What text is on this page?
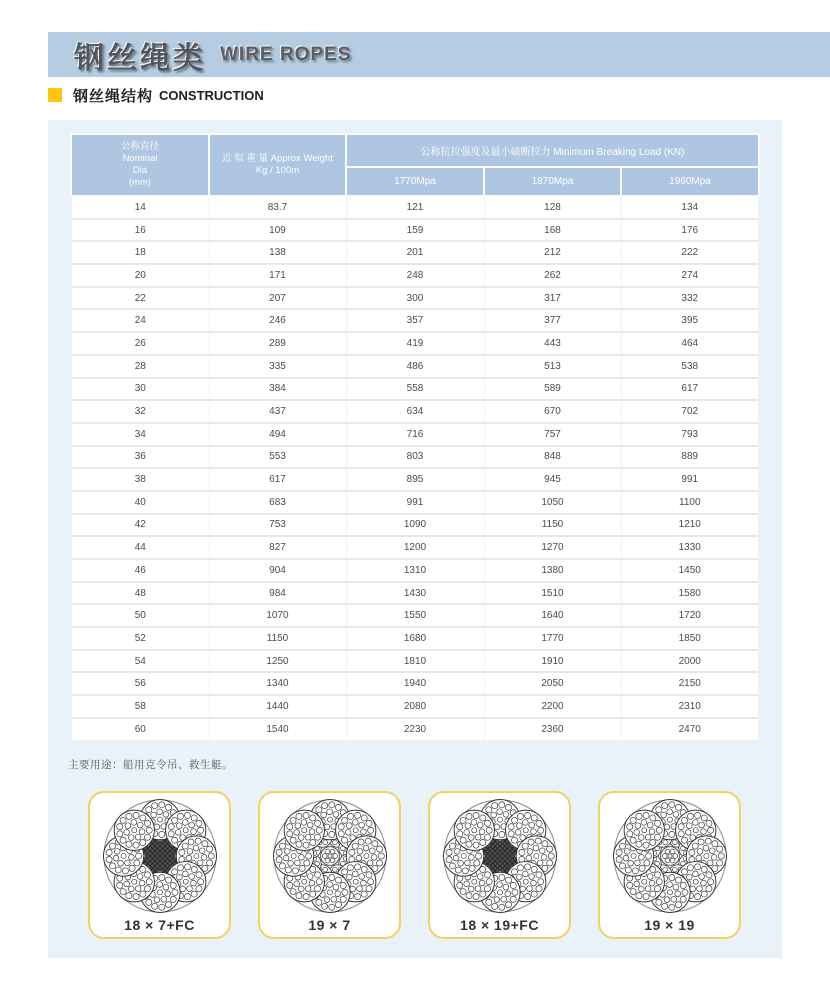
钢丝绳类 WIRE ROPES
钢丝绳结构 CONSTRUCTION
公称直径
Nominal
Dia
(mm)	近 似 重 量 Approx Weight
Kg / 100m	公称抗拉强度及最小破断拉力 Minimum Breaking Load (KN)		
		1770Mpa	1870Mpa	1960Mpa
14	83.7	121	128	134
16	109	159	168	176
18	138	201	212	222
20	171	248	262	274
22	207	300	317	332
24	246	357	377	395
26	289	419	443	464
28	335	486	513	538
30	384	558	589	617
32	437	634	670	702
34	494	716	757	793
36	553	803	848	889
38	617	895	945	991
40	683	991	1050	1100
42	753	1090	1150	1210
44	827	1200	1270	1330
46	904	1310	1380	1450
48	984	1430	1510	1580
50	1070	1550	1640	1720
52	1150	1680	1770	1850
54	1250	1810	1910	2000
56	1340	1940	2050	2150
58	1440	2080	2200	2310
60	1540	2230	2360	2470
主要用途：船用克令吊、救生艇。
18 × 7+FC	19 × 7	18 × 19+FC	19 × 19
